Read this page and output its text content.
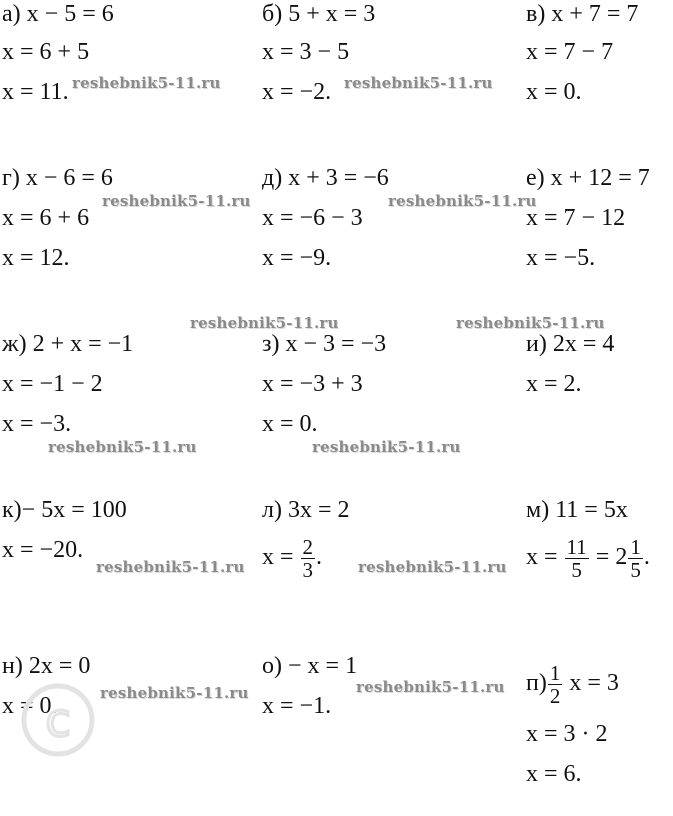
а) x − 5 = 6
x = 6 + 5
x = 11.
б) 5 + x = 3
x = 3 − 5
x = −2.
в) x + 7 = 7
x = 7 − 7
x = 0.
г) x − 6 = 6
x = 6 + 6
x = 12.
д) x + 3 = −6
x = −6 − 3
x = −9.
е) x + 12 = 7
x = 7 − 12
x = −5.
ж) 2 + x = −1
x = −1 − 2
x = −3.
з) x − 3 = −3
x = −3 + 3
x = 0.
и) 2x = 4
x = 2.
к)− 5x = 100
x = −20.
л) 3x = 2
$x = \frac{2}{3}$ .
м) 11 = 5x
$x = \frac{11}{5} = 2 \frac{1}{5}$ .
н) 2x = 0
x = 0.
о) − x = 1
x = −1.
$п) \frac{1}{2}$ x = 3
x = 3 · 2
x = 6.
c
reshebnik5-11.ru	reshebnik5-11.ru
reshebnik5-11.ru	reshebnik5-11.ru
reshebnik5-11.ru	reshebnik5-11.ru
reshebnik5-11.ru	reshebnik5-11.ru
reshebnik5-11.ru	reshebnik5-11.ru
reshebnik5-11.ru	reshebnik5-11.ru
